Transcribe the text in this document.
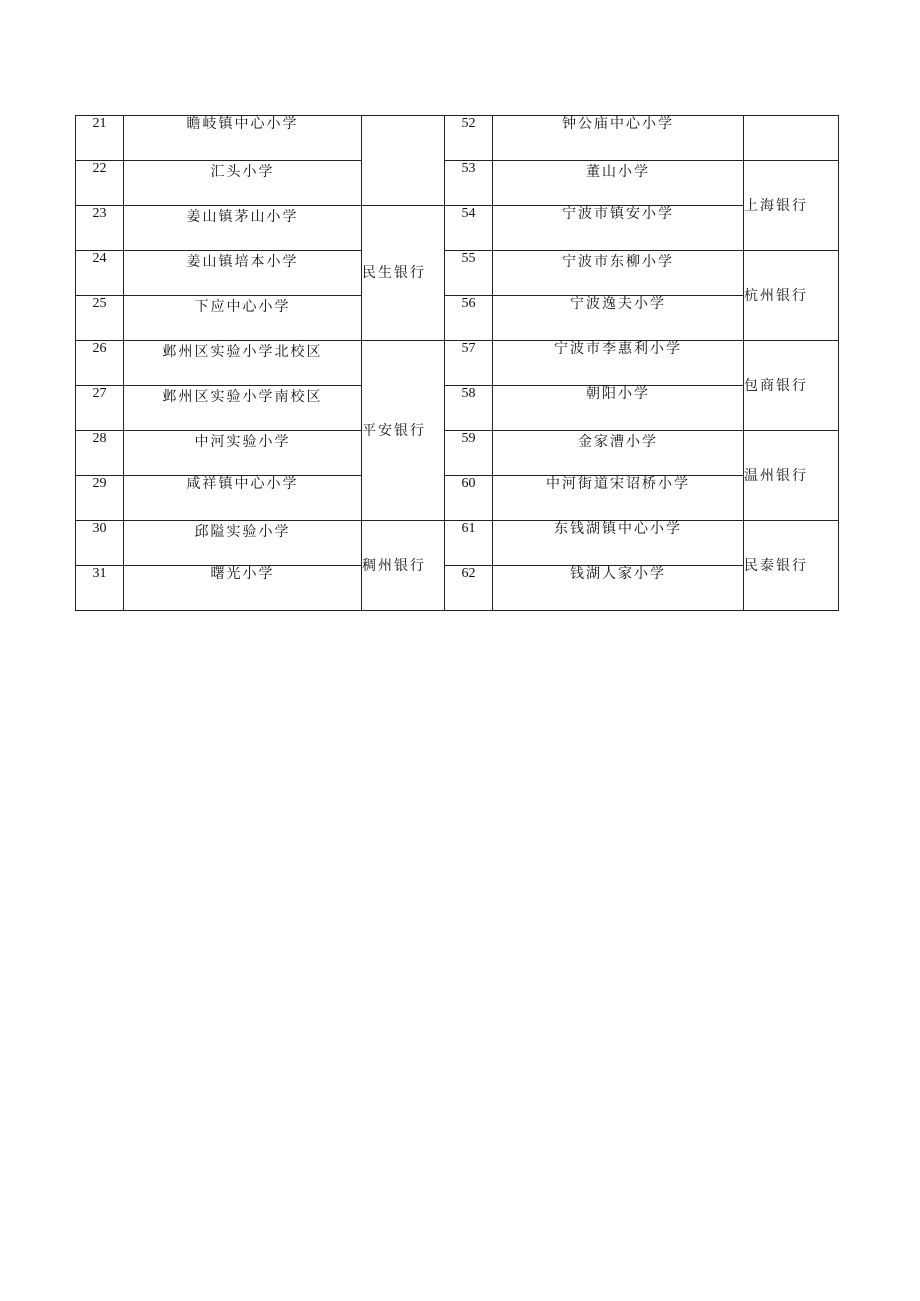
21	瞻岐镇中心小学		52	钟公庙中心小学	
22	汇头小学		53	董山小学	上海银行
23	姜山镇茅山小学	民生银行	54	宁波市镇安小学	
24	姜山镇培本小学		55	宁波市东柳小学	杭州银行
25	下应中心小学		56	宁波逸夫小学	
26	邺州区实验小学北校区	平安银行	57	宁波市李惠利小学	包商银行
27	邺州区实验小学南校区		58	朝阳小学	
28	中河实验小学		59	金家漕小学	温州银行
29	咸祥镇中心小学		60	中河街道宋诏桥小学	
30	邱隘实验小学	稠州银行	61	东钱湖镇中心小学	民泰银行
31	曙光小学		62	钱湖人家小学	
